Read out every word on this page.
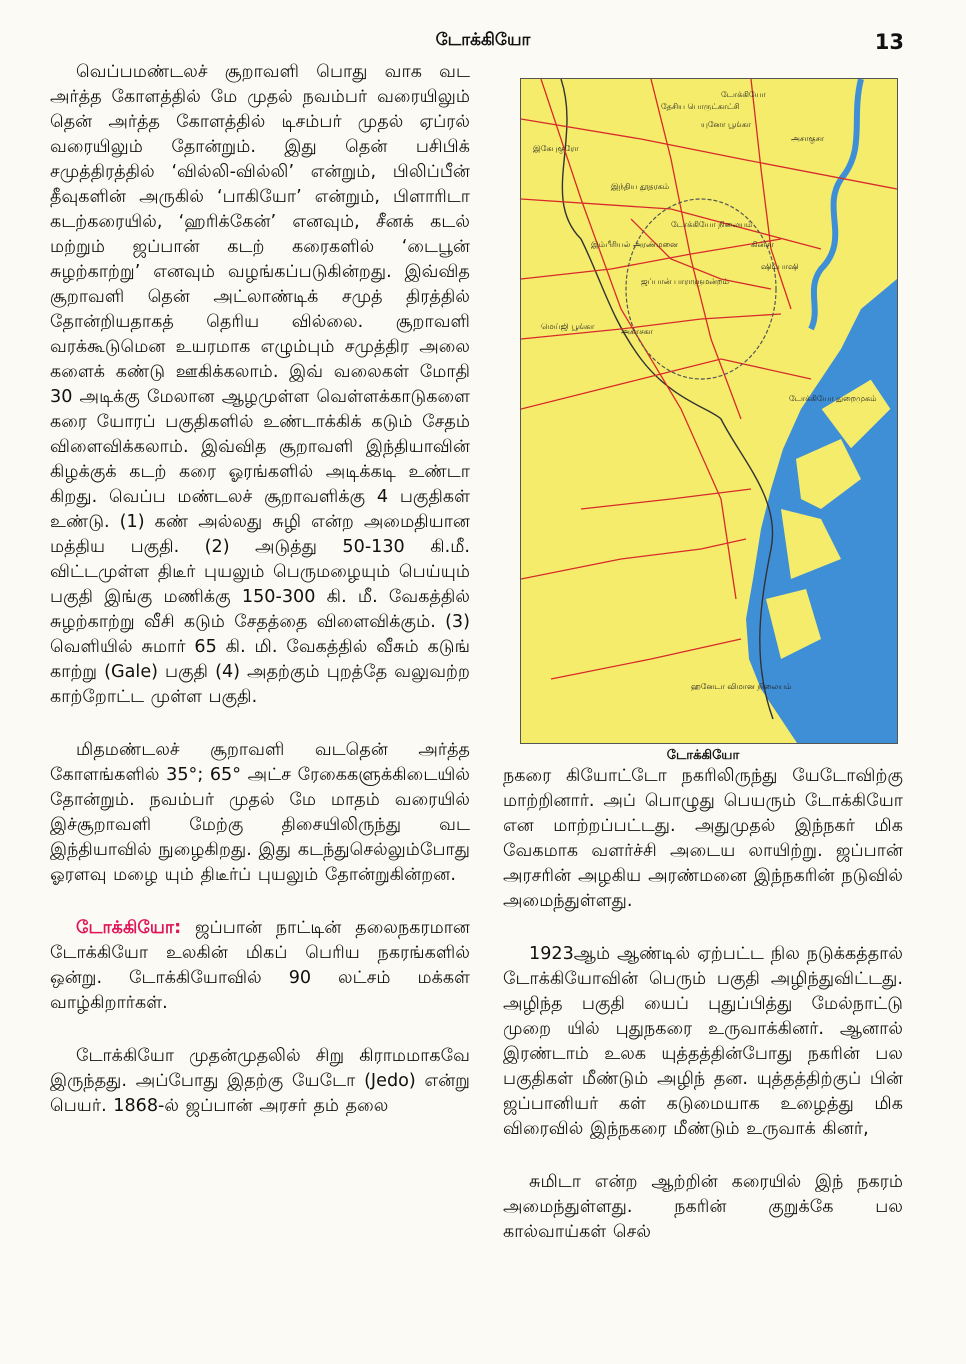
டோக்கியோ	13

வெப்பமண்டலச் சூறாவளி பொது வாக வட அர்த்த கோளத்தில் மே முதல் நவம்பர் வரையிலும் தென் அர்த்த கோளத்தில் டிசம்பர் முதல் ஏப்ரல் வரையிலும் தோன்றும். இது தென் பசிபிக் சமுத்திரத்தில் ‘வில்லி-வில்லி’ என்றும், பிலிப்பீன் தீவுகளின் அருகில் ‘பாகியோ’ என்றும், பிளாரிடா கடற்கரையில், ‘ஹரிக்கேன்’ எனவும், சீனக் கடல் மற்றும் ஜப்பான் கடற் கரைகளில் ‘டைபூன் சுழற்காற்று’ எனவும் வழங்கப்படுகின்றது. இவ்வித சூறாவளி தென் அட்லாண்டிக் சமுத் திரத்தில் தோன்றியதாகத் தெரிய வில்லை. சூறாவளி வரக்கூடுமென உயரமாக எழும்பும் சமுத்திர அலை களைக் கண்டு ஊகிக்கலாம். இவ் வலைகள் மோதி 30 அடிக்கு மேலான ஆழமுள்ள வெள்ளக்காடுகளை கரை யோரப் பகுதிகளில் உண்டாக்கிக் கடும் சேதம் விளைவிக்கலாம். இவ்வித சூறாவளி இந்தியாவின் கிழக்குக் கடற் கரை ஓரங்களில் அடிக்கடி உண்டா கிறது. வெப்ப மண்டலச் சூறாவளிக்கு 4 பகுதிகள் உண்டு. (1) கண் அல்லது சுழி என்ற அமைதியான மத்திய பகுதி. (2) அடுத்து 50-130 கி.மீ. விட்டமுள்ள திடீர் புயலும் பெருமழையும் பெய்யும் பகுதி இங்கு மணிக்கு 150-300 கி. மீ. வேகத்தில் சுழற்காற்று வீசி கடும் சேதத்தை விளைவிக்கும். (3) வெளியில் சுமார் 65 கி. மி. வேகத்தில் வீசும் கடுங் காற்று (Gale) பகுதி (4) அதற்கும் புறத்தே வலுவற்ற காற்றோட்ட முள்ள பகுதி.

மிதமண்டலச் சூறாவளி வடதென் அர்த்த கோளங்களில் 35°; 65° அட்ச ரேகைகளுக்கிடையில் தோன்றும். நவம்பர் முதல் மே மாதம் வரையில் இச்சூறாவளி மேற்கு திசையிலிருந்து வட இந்தியாவில் நுழைகிறது. இது கடந்துசெல்லும்போது ஓரளவு மழை யும் திடீர்ப் புயலும் தோன்றுகின்றன.

டோக்கியோ: ஜப்பான் நாட்டின் தலைநகரமான டோக்கியோ உலகின் மிகப் பெரிய நகரங்களில் ஒன்று. டோக்கியோவில் 90 லட்சம் மக்கள் வாழ்கிறார்கள்.

டோக்கியோ முதன்முதலில் சிறு கிராமமாகவே இருந்தது. அப்போது இதற்கு யேடோ (Jedo) என்று பெயர். 1868-ல் ஜப்பான் அரசர் தம் தலை

டோக்கியோ
தேசிய பொருட்காட்சி
யுனோ பூங்கா
அசாகுசா
இகேபுகுரோ
இந்திய தூதரகம்
டோக்கியோ நிலையம்
இம்பீரியல் அரண்மனை
ஜப்பான் பாராளுமன்றம்
கின்சா
ஷிம்பாஷி
அகாசகா
மெய்ஜி பூங்கா
டோக்கியோ துறைமுகம்
ஹனேடா விமான நிலையம்
டோக்கியோ

நகரை கியோட்டோ நகரிலிருந்து யேடோவிற்கு மாற்றினார். அப் பொழுது பெயரும் டோக்கியோ என மாற்றப்பட்டது. அதுமுதல் இந்நகர் மிக வேகமாக வளர்ச்சி அடைய லாயிற்று. ஜப்பான் அரசரின் அழகிய அரண்மனை இந்நகரின் நடுவில் அமைந்துள்ளது.

1923ஆம் ஆண்டில் ஏற்பட்ட நில நடுக்கத்தால் டோக்கியோவின் பெரும் பகுதி அழிந்துவிட்டது. அழிந்த பகுதி யைப் புதுப்பித்து மேல்நாட்டு முறை யில் புதுநகரை உருவாக்கினர். ஆனால் இரண்டாம் உலக யுத்தத்தின்போது நகரின் பல பகுதிகள் மீண்டும் அழிந் தன. யுத்தத்திற்குப் பின் ஜப்பானியர் கள் கடுமையாக உழைத்து மிக விரைவில் இந்நகரை மீண்டும் உருவாக் கினர்,

சுமிடா என்ற ஆற்றின் கரையில் இந் நகரம் அமைந்துள்ளது. நகரின் குறுக்கே பல கால்வாய்கள் செல்
